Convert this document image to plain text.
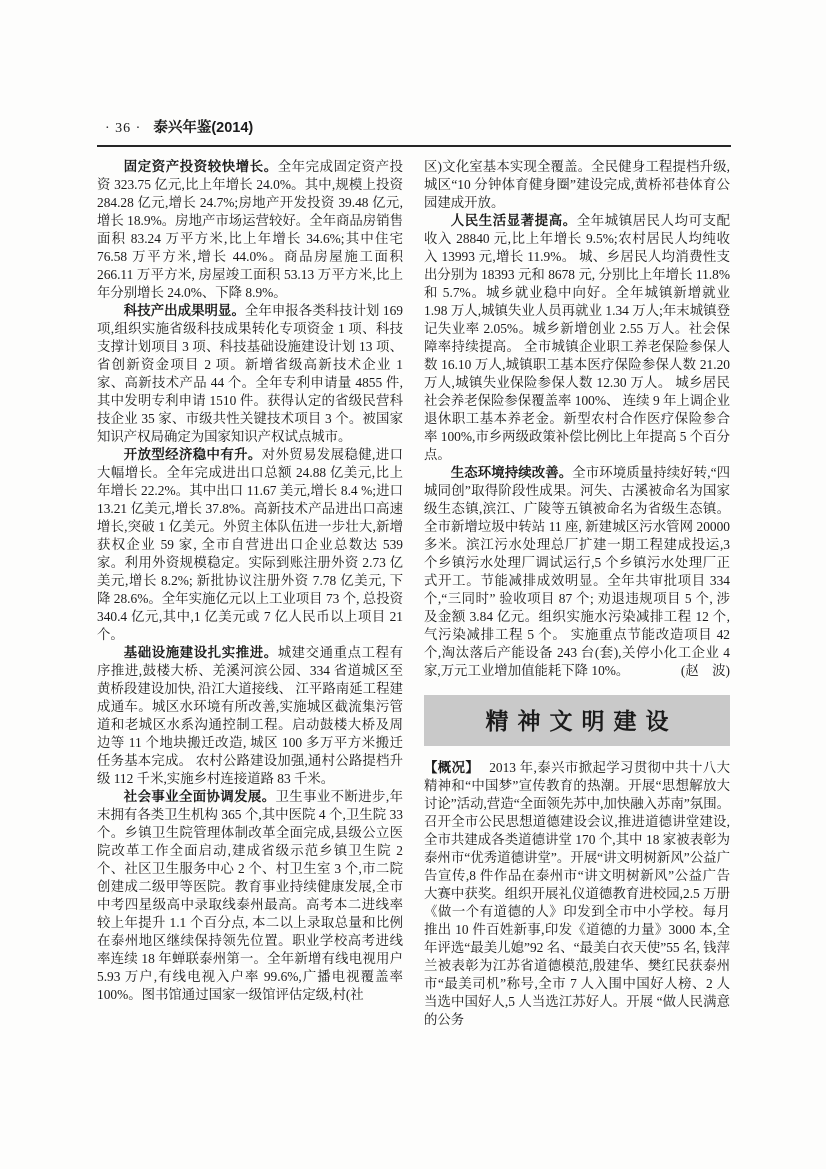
· 36 · 泰兴年鉴(2014)

固定资产投资较快增长。全年完成固定资产投资 323.75 亿元,比上年增长 24.0%。其中,规模上投资 284.28 亿元,增长 24.7%;房地产开发投资 39.48 亿元,增长 18.9%。房地产市场运营较好。全年商品房销售面积 83.24 万平方米,比上年增长 34.6%;其中住宅 76.58 万平方米,增长 44.0%。商品房屋施工面积 266.11 万平方米, 房屋竣工面积 53.13 万平方米,比上年分别增长 24.0%、下降 8.9%。

科技产出成果明显。全年申报各类科技计划 169 项,组织实施省级科技成果转化专项资金 1 项、科技支撑计划项目 3 项、科技基础设施建设计划 13 项、省创新资金项目 2 项。新增省级高新技术企业 1 家、高新技术产品 44 个。全年专利申请量 4855 件,其中发明专利申请 1510 件。获得认定的省级民营科技企业 35 家、市级共性关键技术项目 3 个。被国家知识产权局确定为国家知识产权试点城市。

开放型经济稳中有升。对外贸易发展稳健,进口大幅增长。全年完成进出口总额 24.88 亿美元,比上年增长 22.2%。其中出口 11.67 美元,增长 8.4 %;进口 13.21 亿美元,增长 37.8%。高新技术产品进出口高速增长,突破 1 亿美元。外贸主体队伍进一步壮大,新增获权企业 59 家, 全市自营进出口企业总数达 539 家。利用外资规模稳定。实际到账注册外资 2.73 亿美元,增长 8.2%; 新批协议注册外资 7.78 亿美元, 下降 28.6%。全年实施亿元以上工业项目 73 个, 总投资 340.4 亿元,其中,1 亿美元或 7 亿人民币以上项目 21 个。

基础设施建设扎实推进。城建交通重点工程有序推进,鼓楼大桥、羌溪河滨公园、334 省道城区至黄桥段建设加快, 沿江大道接线、 江平路南延工程建成通车。城区水环境有所改善,实施城区截流集污管道和老城区水系沟通控制工程。启动鼓楼大桥及周边等 11 个地块搬迁改造, 城区 100 多万平方米搬迁任务基本完成。 农村公路建设加强,通村公路提档升级 112 千米,实施乡村连接道路 83 千米。

社会事业全面协调发展。卫生事业不断进步,年末拥有各类卫生机构 365 个,其中医院 4 个,卫生院 33 个。乡镇卫生院管理体制改革全面完成,县级公立医院改革工作全面启动,建成省级示范乡镇卫生院 2 个、社区卫生服务中心 2 个、村卫生室 3 个,市二院创建成二级甲等医院。教育事业持续健康发展,全市中考四星级高中录取线泰州最高。高考本二进线率较上年提升 1.1 个百分点, 本二以上录取总量和比例在泰州地区继续保持领先位置。职业学校高考进线率连续 18 年蝉联泰州第一。全年新增有线电视用户 5.93 万户,有线电视入户率 99.6%,广播电视覆盖率 100%。图书馆通过国家一级馆评估定级,村(社

区)文化室基本实现全覆盖。全民健身工程提档升级,城区“10 分钟体育健身圈”建设完成,黄桥祁巷体育公园建成开放。

人民生活显著提高。全年城镇居民人均可支配收入 28840 元,比上年增长 9.5%;农村居民人均纯收入 13993 元,增长 11.9%。 城、乡居民人均消费性支出分别为 18393 元和 8678 元, 分别比上年增长 11.8% 和 5.7%。城乡就业稳中向好。全年城镇新增就业 1.98 万人,城镇失业人员再就业 1.34 万人;年末城镇登记失业率 2.05%。城乡新增创业 2.55 万人。社会保障率持续提高。 全市城镇企业职工养老保险参保人数 16.10 万人,城镇职工基本医疗保险参保人数 21.20 万人,城镇失业保险参保人数 12.30 万人。 城乡居民社会养老保险参保覆盖率 100%、 连续 9 年上调企业退休职工基本养老金。新型农村合作医疗保险参合率 100%,市乡两级政策补偿比例比上年提高 5 个百分点。

生态环境持续改善。全市环境质量持续好转,“四城同创”取得阶段性成果。河失、古溪被命名为国家级生态镇,滨江、广陵等五镇被命名为省级生态镇。全市新增垃圾中转站 11 座, 新建城区污水管网 20000 多米。滨江污水处理总厂扩建一期工程建成投运,3 个乡镇污水处理厂调试运行,5 个乡镇污水处理厂正式开工。节能减排成效明显。全年共审批项目 334 个,“三同时” 验收项目 87 个; 劝退违规项目 5 个, 涉及金额 3.84 亿元。组织实施水污染减排工程 12 个,气污染减排工程 5 个。 实施重点节能改造项目 42 个,淘汰落后产能设备 243 台(套),关停小化工企业 4 家,万元工业增加值能耗下降 10%。	(赵　波)

精神文明建设

【概况】 2013 年,泰兴市掀起学习贯彻中共十八大精神和“中国梦”宣传教育的热潮。开展“思想解放大讨论”活动,营造“全面领先苏中,加快融入苏南”氛围。召开全市公民思想道德建设会议,推进道德讲堂建设,全市共建成各类道德讲堂 170 个,其中 18 家被表彰为泰州市“优秀道德讲堂”。开展“讲文明树新风”公益广告宣传,8 件作品在泰州市“讲文明树新风”公益广告大赛中获奖。组织开展礼仪道德教育进校园,2.5 万册《做一个有道德的人》印发到全市中小学校。每月推出 10 件百姓新事,印发《道德的力量》3000 本,全年评选“最美儿媳”92 名、“最美白衣天使”55 名, 钱萍兰被表彰为江苏省道德模范,殷建华、樊红民获泰州市“最美司机”称号,全市 7 人入围中国好人榜、2 人当选中国好人,5 人当选江苏好人。开展 “做人民满意的公务
